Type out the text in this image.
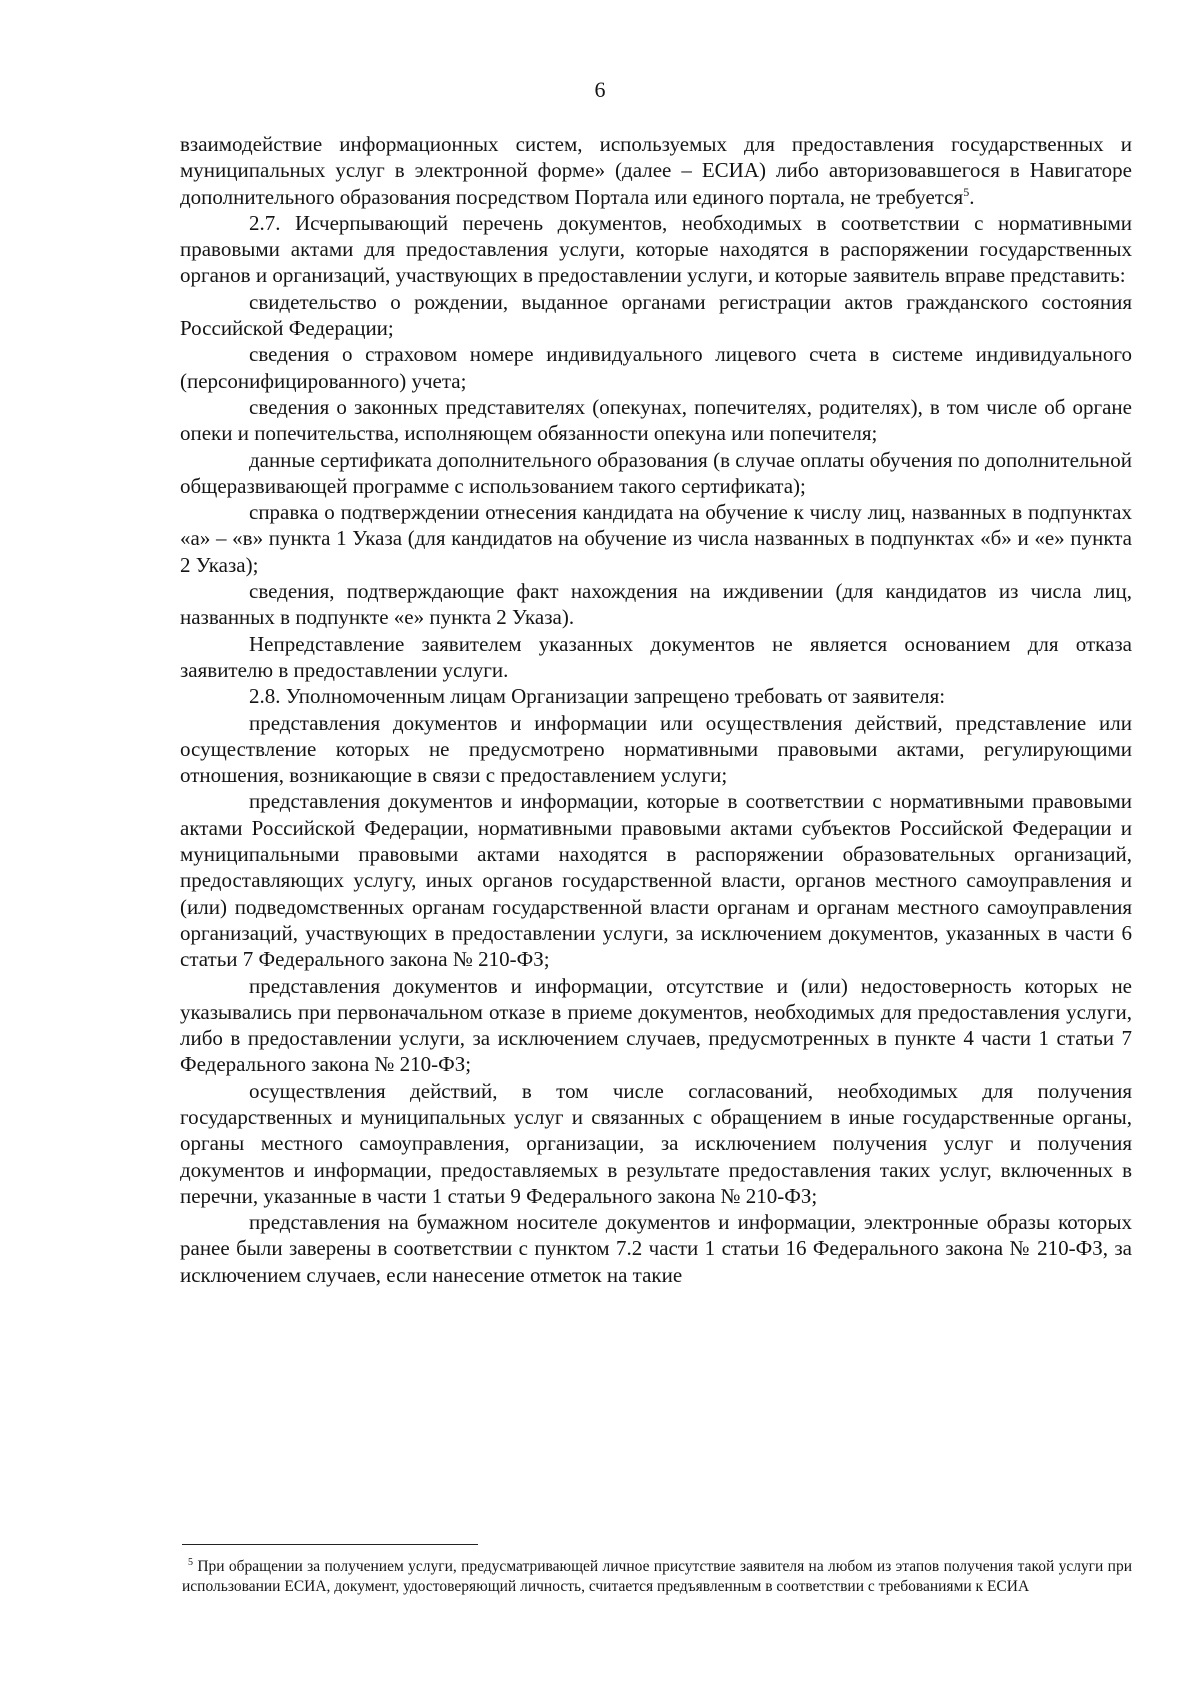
6

взаимодействие информационных систем, используемых для предоставления государственных и муниципальных услуг в электронной форме» (далее – ЕСИА) либо авторизовавшегося в Навигаторе дополнительного образования посредством Портала или единого портала, не требуется$^5$.

2.7. Исчерпывающий перечень документов, необходимых в соответствии с нормативными правовыми актами для предоставления услуги, которые находятся в распоряжении государственных органов и организаций, участвующих в предоставлении услуги, и которые заявитель вправе представить:

свидетельство о рождении, выданное органами регистрации актов гражданского состояния Российской Федерации;

сведения о страховом номере индивидуального лицевого счета в системе индивидуального (персонифицированного) учета;

сведения о законных представителях (опекунах, попечителях, родителях), в том числе об органе опеки и попечительства, исполняющем обязанности опекуна или попечителя;

данные сертификата дополнительного образования (в случае оплаты обучения по дополнительной общеразвивающей программе с использованием такого сертификата);

справка о подтверждении отнесения кандидата на обучение к числу лиц, названных в подпунктах «а» – «в» пункта 1 Указа (для кандидатов на обучение из числа названных в подпунктах «б» и «е» пункта 2 Указа);

сведения, подтверждающие факт нахождения на иждивении (для кандидатов из числа лиц, названных в подпункте «е» пункта 2 Указа).

Непредставление заявителем указанных документов не является основанием для отказа заявителю в предоставлении услуги.

2.8. Уполномоченным лицам Организации запрещено требовать от заявителя:

представления документов и информации или осуществления действий, представление или осуществление которых не предусмотрено нормативными правовыми актами, регулирующими отношения, возникающие в связи с предоставлением услуги;

представления документов и информации, которые в соответствии с нормативными правовыми актами Российской Федерации, нормативными правовыми актами субъектов Российской Федерации и муниципальными правовыми актами находятся в распоряжении образовательных организаций, предоставляющих услугу, иных органов государственной власти, органов местного самоуправления и (или) подведомственных органам государственной власти органам и органам местного самоуправления организаций, участвующих в предоставлении услуги, за исключением документов, указанных в части 6 статьи 7 Федерального закона № 210-ФЗ;

представления документов и информации, отсутствие и (или) недостоверность которых не указывались при первоначальном отказе в приеме документов, необходимых для предоставления услуги, либо в предоставлении услуги, за исключением случаев, предусмотренных в пункте 4 части 1 статьи 7 Федерального закона № 210-ФЗ;

осуществления действий, в том числе согласований, необходимых для получения государственных и муниципальных услуг и связанных с обращением в иные государственные органы, органы местного самоуправления, организации, за исключением получения услуг и получения документов и информации, предоставляемых в результате предоставления таких услуг, включенных в перечни, указанные в части 1 статьи 9 Федерального закона № 210-ФЗ;

представления на бумажном носителе документов и информации, электронные образы которых ранее были заверены в соответствии с пунктом 7.2 части 1 статьи 16 Федерального закона № 210-ФЗ, за исключением случаев, если нанесение отметок на такие

$^5$ При обращении за получением услуги, предусматривающей личное присутствие заявителя на любом из этапов получения такой услуги при использовании ЕСИА, документ, удостоверяющий личность, считается предъявленным в соответствии с требованиями к ЕСИА
